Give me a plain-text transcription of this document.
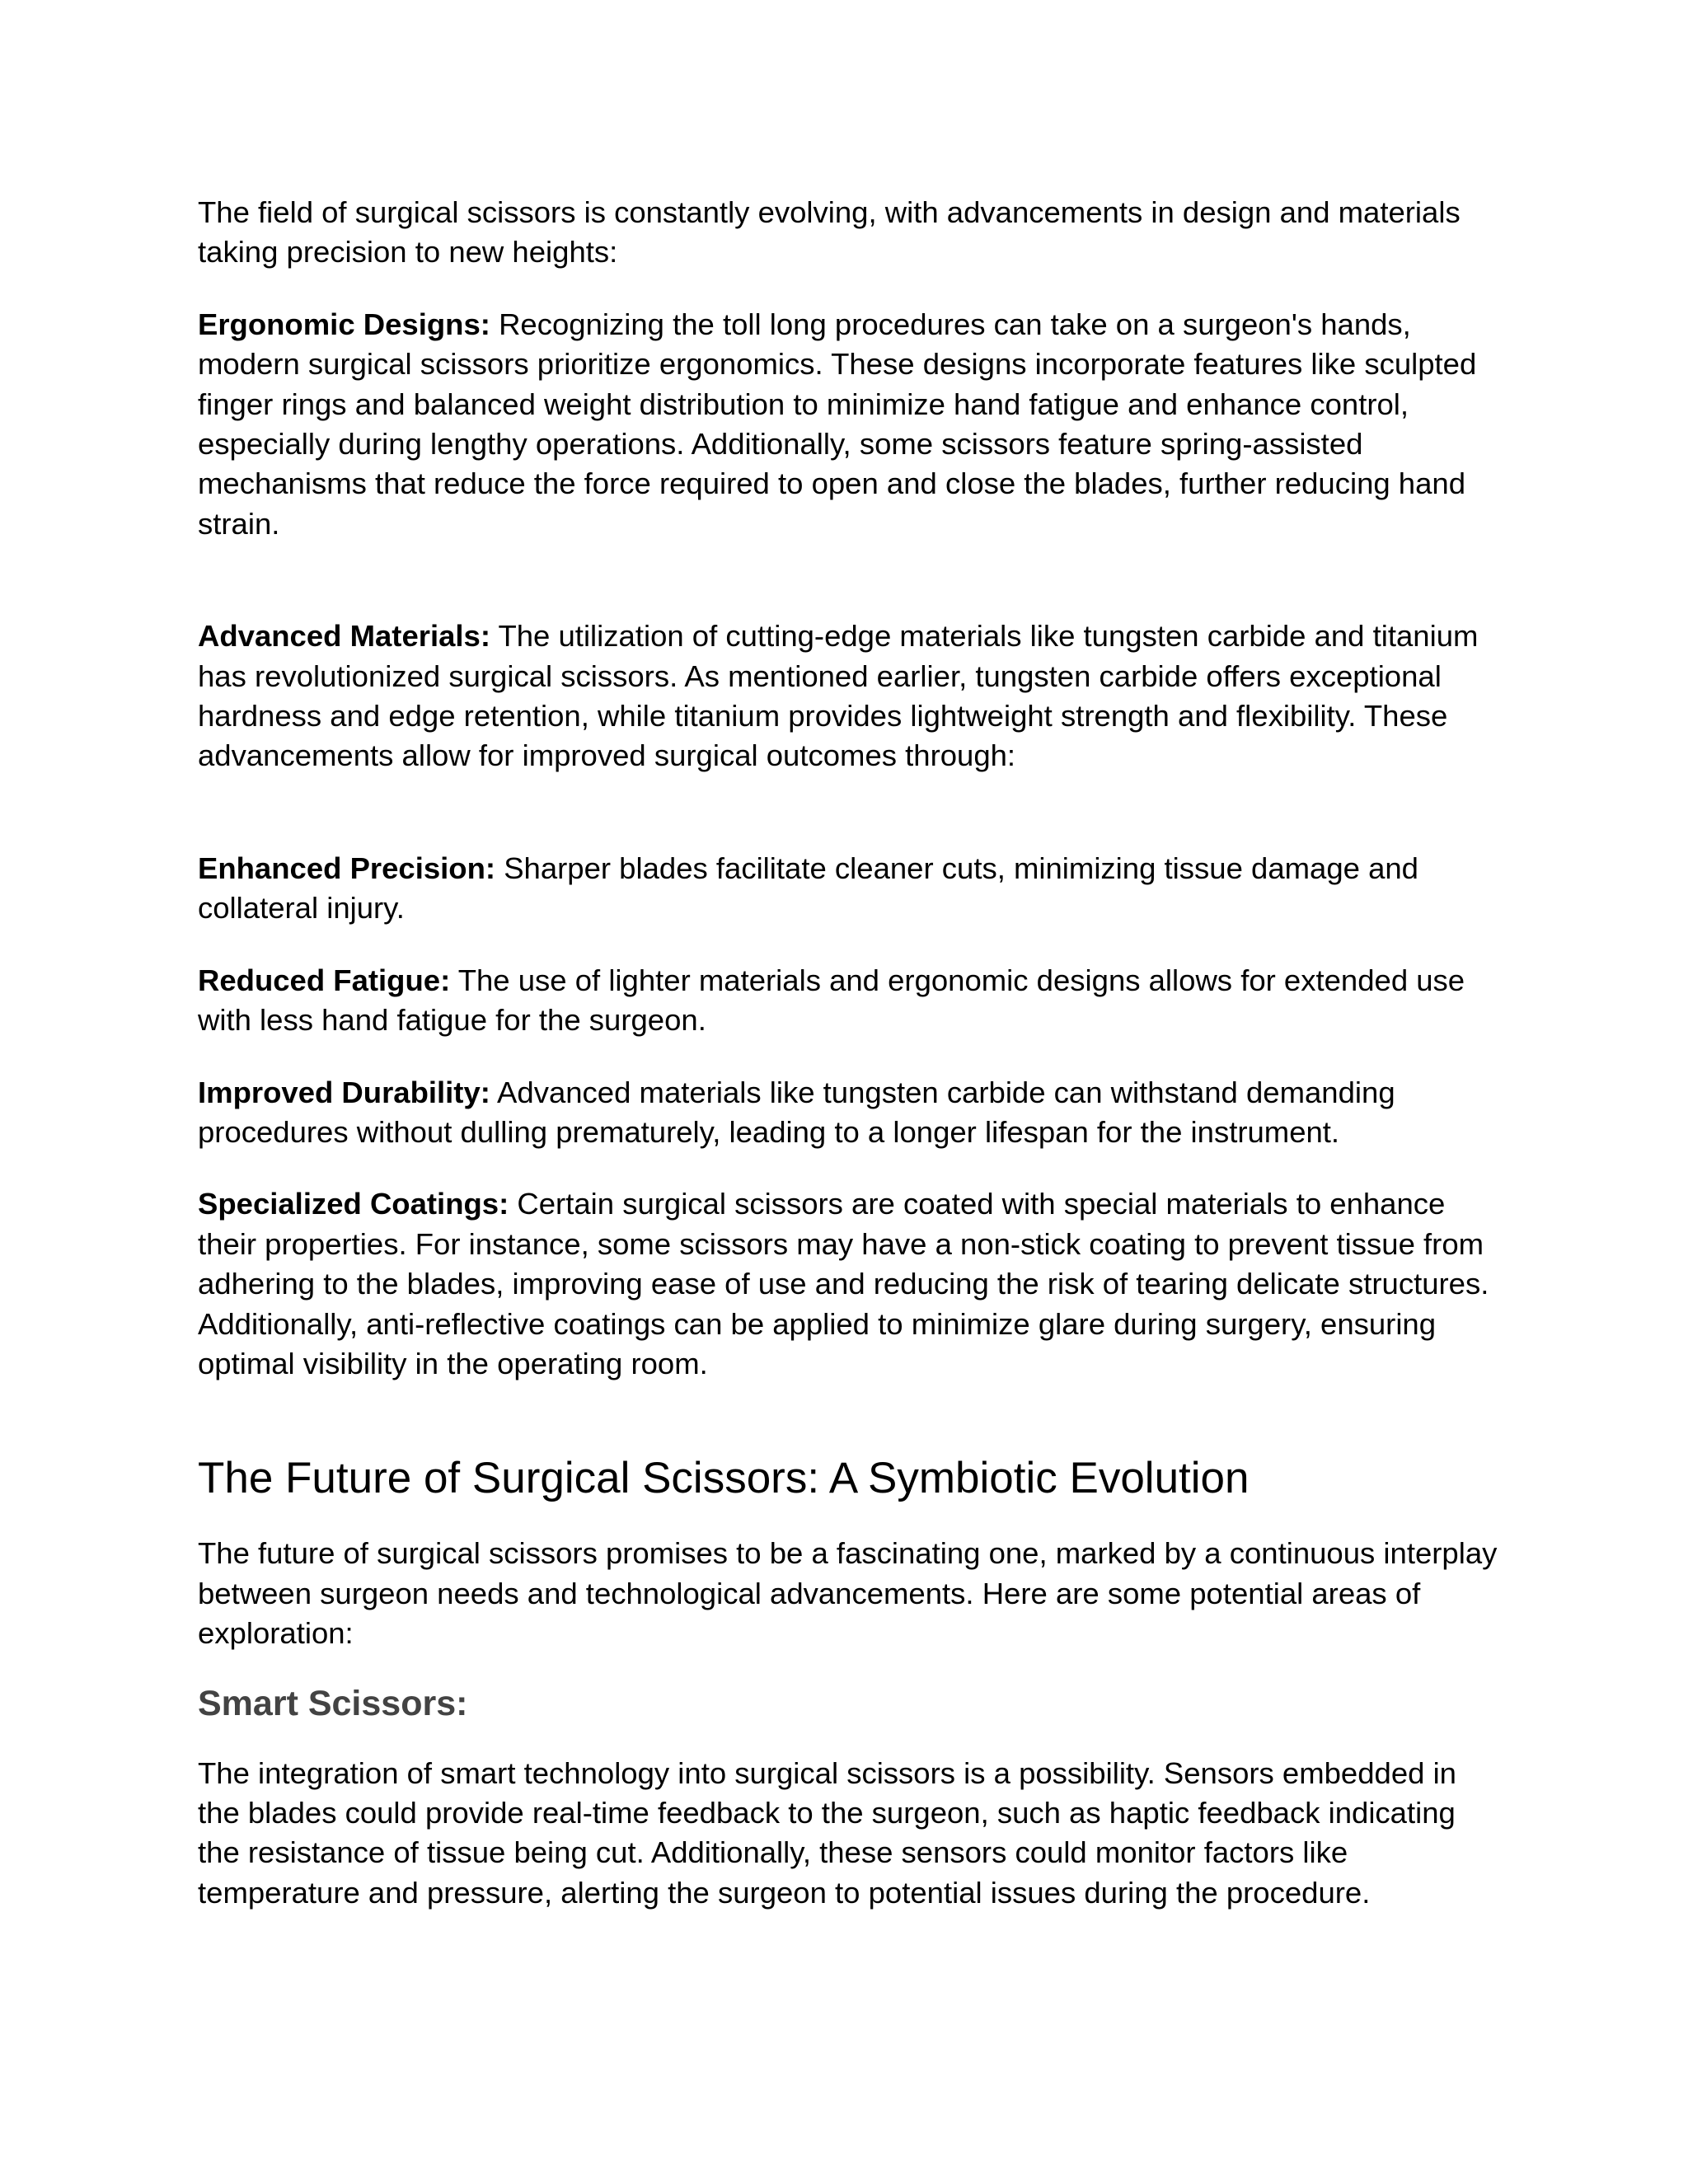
The field of surgical scissors is constantly evolving, with advancements in design and materials taking precision to new heights:

Ergonomic Designs: Recognizing the toll long procedures can take on a surgeon's hands, modern surgical scissors prioritize ergonomics. These designs incorporate features like sculpted finger rings and balanced weight distribution to minimize hand fatigue and enhance control, especially during lengthy operations. Additionally, some scissors feature spring-assisted mechanisms that reduce the force required to open and close the blades, further reducing hand strain.

Advanced Materials: The utilization of cutting-edge materials like tungsten carbide and titanium has revolutionized surgical scissors. As mentioned earlier, tungsten carbide offers exceptional hardness and edge retention, while titanium provides lightweight strength and flexibility. These advancements allow for improved surgical outcomes through:

Enhanced Precision: Sharper blades facilitate cleaner cuts, minimizing tissue damage and collateral injury.

Reduced Fatigue: The use of lighter materials and ergonomic designs allows for extended use with less hand fatigue for the surgeon.

Improved Durability: Advanced materials like tungsten carbide can withstand demanding procedures without dulling prematurely, leading to a longer lifespan for the instrument.

Specialized Coatings: Certain surgical scissors are coated with special materials to enhance their properties. For instance, some scissors may have a non-stick coating to prevent tissue from adhering to the blades, improving ease of use and reducing the risk of tearing delicate structures. Additionally, anti-reflective coatings can be applied to minimize glare during surgery, ensuring optimal visibility in the operating room.

The Future of Surgical Scissors: A Symbiotic Evolution

The future of surgical scissors promises to be a fascinating one, marked by a continuous interplay between surgeon needs and technological advancements. Here are some potential areas of exploration:

Smart Scissors:

The integration of smart technology into surgical scissors is a possibility. Sensors embedded in the blades could provide real-time feedback to the surgeon, such as haptic feedback indicating the resistance of tissue being cut. Additionally, these sensors could monitor factors like temperature and pressure, alerting the surgeon to potential issues during the procedure.
